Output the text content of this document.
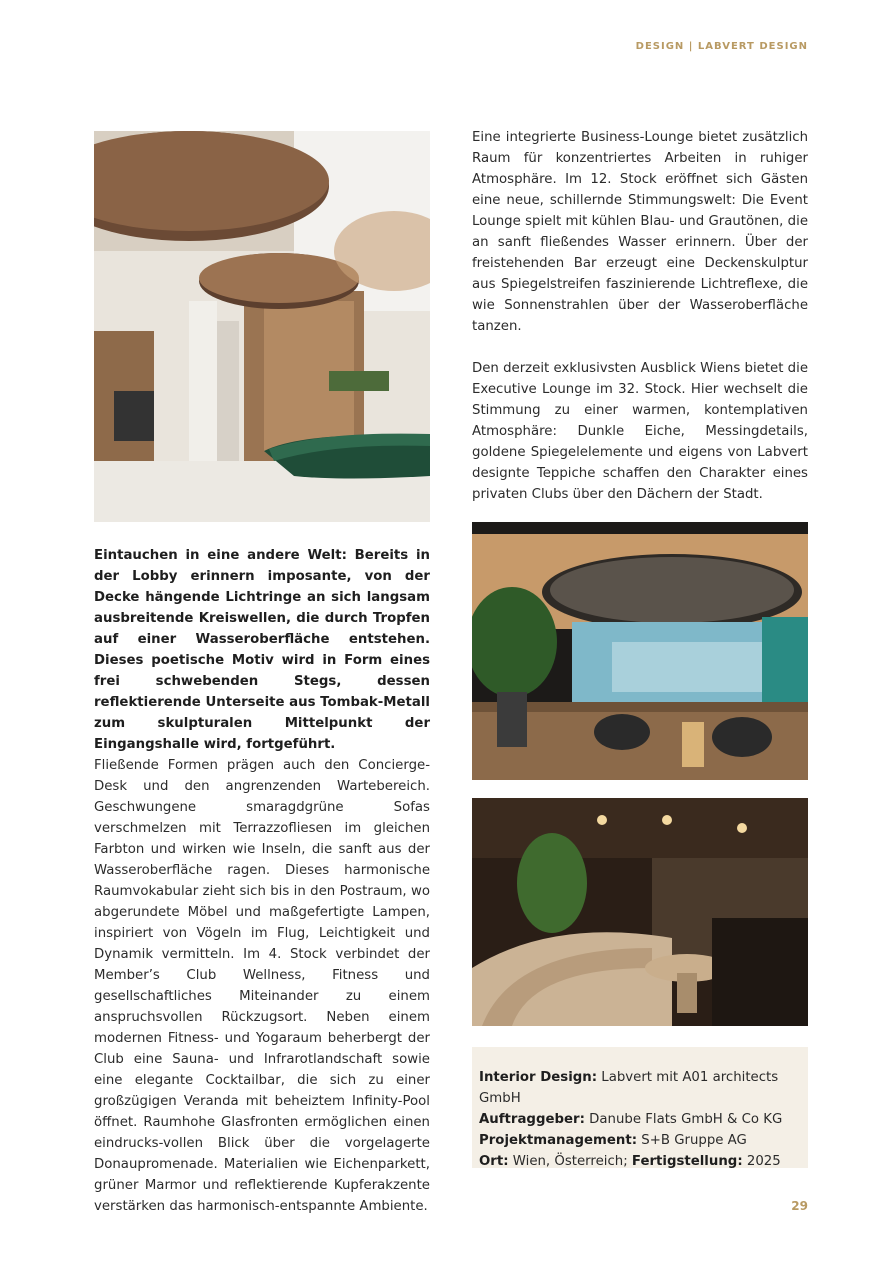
DESIGN | LABVERT DESIGN

Eintauchen in eine andere Welt: Bereits in der Lobby erinnern imposante, von der Decke hängende Lichtringe an sich langsam ausbreitende Kreiswellen, die durch Tropfen auf einer Wasseroberfläche entstehen. Dieses poetische Motiv wird in Form eines frei schwebenden Stegs, dessen reflektierende Unterseite aus Tombak-Metall zum skulpturalen Mittelpunkt der Eingangshalle wird, fortgeführt.

Fließende Formen prägen auch den Concierge-Desk und den angrenzenden Wartebereich. Geschwungene smaragdgrüne Sofas verschmelzen mit Terrazzofliesen im gleichen Farbton und wirken wie Inseln, die sanft aus der Wasseroberfläche ragen. Dieses harmonische Raumvokabular zieht sich bis in den Postraum, wo abgerundete Möbel und maßgefertigte Lampen, inspiriert von Vögeln im Flug, Leichtigkeit und Dynamik vermitteln. Im 4. Stock verbindet der Member’s Club Wellness, Fitness und gesellschaftliches Miteinander zu einem anspruchsvollen Rückzugsort. Neben einem modernen Fitness- und Yogaraum beherbergt der Club eine Sauna- und Infrarotlandschaft sowie eine elegante Cocktailbar, die sich zu einer großzügigen Veranda mit beheiztem Infinity-Pool öffnet. Raumhohe Glasfronten ermöglichen einen eindrucks-vollen Blick über die vorgelagerte Donaupromenade. Materialien wie Eichenparkett, grüner Marmor und reflektierende Kupferakzente verstärken das harmonisch-entspannte Ambiente.

Eine integrierte Business-Lounge bietet zusätzlich Raum für konzentriertes Arbeiten in ruhiger Atmosphäre. Im 12. Stock eröffnet sich Gästen eine neue, schillernde Stimmungswelt: Die Event Lounge spielt mit kühlen Blau- und Grautönen, die an sanft fließendes Wasser erinnern. Über der freistehenden Bar erzeugt eine Deckenskulptur aus Spiegelstreifen faszinierende Lichtreflexe, die wie Sonnenstrahlen über der Wasseroberfläche tanzen.

Den derzeit exklusivsten Ausblick Wiens bietet die Executive Lounge im 32. Stock. Hier wechselt die Stimmung zu einer warmen, kontemplativen Atmosphäre: Dunkle Eiche, Messingdetails, goldene Spiegelelemente und eigens von Labvert designte Teppiche schaffen den Charakter eines privaten Clubs über den Dächern der Stadt.

Interior Design: Labvert mit A01 architects GmbH
Auftraggeber: Danube Flats GmbH & Co KG
Projektmanagement: S+B Gruppe AG
Ort: Wien, Österreich; Fertigstellung: 2025
29
